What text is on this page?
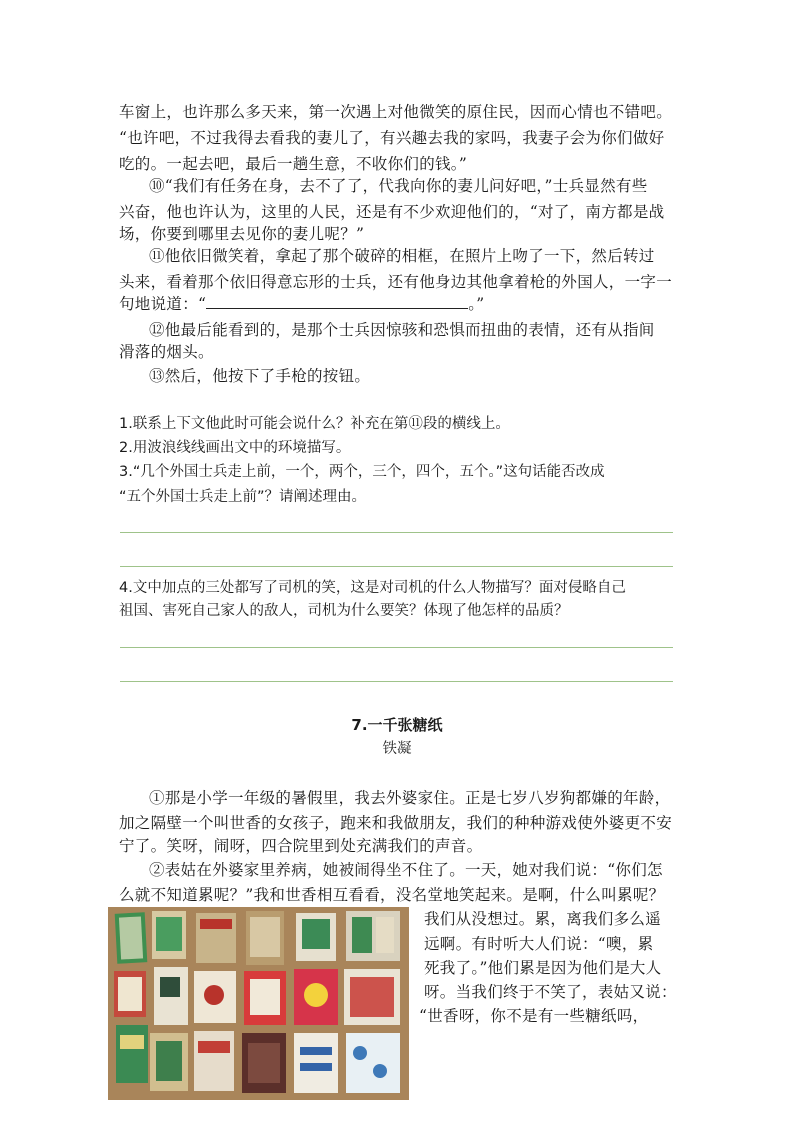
车窗上，也许那么多天来，第一次遇上对他微笑的原住民，因而心情也不错吧。
“也许吧，不过我得去看我的妻儿了，有兴趣去我的家吗，我妻子会为你们做好
吃的。一起去吧，最后一趟生意，不收你们的钱。”
⑩“我们有任务在身，去不了了，代我向你的妻儿问好吧，”士兵显然有些
兴奋，他也许认为，这里的人民，还是有不少欢迎他们的，“对了，南方都是战
场，你要到哪里去见你的妻儿呢？”
⑪他依旧微笑着，拿起了那个破碎的相框，在照片上吻了一下，然后转过
头来，看着那个依旧得意忘形的士兵，还有他身边其他拿着枪的外国人，一字一
句地说道：“	。”
⑫他最后能看到的，是那个士兵因惊骇和恐惧而扭曲的表情，还有从指间
滑落的烟头。
⑬然后，他按下了手枪的按钮。
1.联系上下文他此时可能会说什么？补充在第⑪段的横线上。
2.用波浪线线画出文中的环境描写。
3.“几个外国士兵走上前，一个，两个，三个，四个，五个。”这句话能否改成
“五个外国士兵走上前”？请阐述理由。
4.文中加点的三处都写了司机的笑，这是对司机的什么人物描写？面对侵略自己
祖国、害死自己家人的敌人，司机为什么要笑？体现了他怎样的品质？
7.一千张糖纸
铁凝
①那是小学一年级的暑假里，我去外婆家住。正是七岁八岁狗都嫌的年龄，
加之隔壁一个叫世香的女孩子，跑来和我做朋友，我们的种种游戏使外婆更不安
宁了。笑呀，闹呀，四合院里到处充满我们的声音。
②表姑在外婆家里养病，她被闹得坐不住了。一天，她对我们说：“你们怎
么就不知道累呢？”我和世香相互看看，没名堂地笑起来。是啊，什么叫累呢？
我们从没想过。累，离我们多么遥
远啊。有时听大人们说：“噢，累
死我了。”他们累是因为他们是大人
呀。当我们终于不笑了，表姑又说：
“世香呀，你不是有一些糖纸吗，
